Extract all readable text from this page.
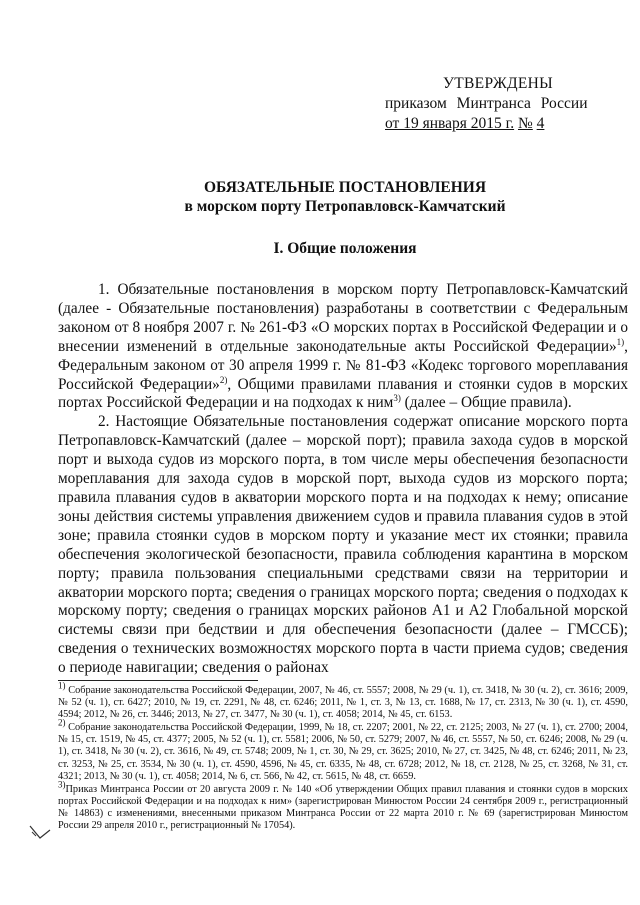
УТВЕРЖДЕНЫ
приказом Минтранса России
от 19 января 2015 г. № 4
ОБЯЗАТЕЛЬНЫЕ ПОСТАНОВЛЕНИЯ
в морском порту Петропавловск-Камчатский
I. Общие положения

1. Обязательные постановления в морском порту Петропавловск-Камчатский (далее - Обязательные постановления) разработаны в соответствии с Федеральным законом от 8 ноября 2007 г. № 261-ФЗ «О морских портах в Российской Федерации и о внесении изменений в отдельные законодательные акты Российской Федерации»$^{1)}$, Федеральным законом от 30 апреля 1999 г. № 81-ФЗ «Кодекс торгового мореплавания Российской Федерации»$^{2)}$, Общими правилами плавания и стоянки судов в морских портах Российской Федерации и на подходах к ним$^{3)}$ (далее – Общие правила).

2. Настоящие Обязательные постановления содержат описание морского порта Петропавловск-Камчатский (далее – морской порт); правила захода судов в морской порт и выхода судов из морского порта, в том числе меры обеспечения безопасности мореплавания для захода судов в морской порт, выхода судов из морского порта; правила плавания судов в акватории морского порта и на подходах к нему; описание зоны действия системы управления движением судов и правила плавания судов в этой зоне; правила стоянки судов в морском порту и указание мест их стоянки; правила обеспечения экологической безопасности, правила соблюдения карантина в морском порту; правила пользования специальными средствами связи на территории и акватории морского порта; сведения о границах морского порта; сведения о подходах к морскому порту; сведения о границах морских районов А1 и А2 Глобальной морской системы связи при бедствии и для обеспечения безопасности (далее – ГМССБ); сведения о технических возможностях морского порта в части приема судов; сведения о периоде навигации; сведения о районах

$^{1)}$ Собрание законодательства Российской Федерации, 2007, № 46, ст. 5557; 2008, № 29 (ч. 1), ст. 3418, № 30 (ч. 2), ст. 3616; 2009, № 52 (ч. 1), ст. 6427; 2010, № 19, ст. 2291, № 48, ст. 6246; 2011, № 1, ст. 3, № 13, ст. 1688, № 17, ст. 2313, № 30 (ч. 1), ст. 4590, 4594; 2012, № 26, ст. 3446; 2013, № 27, ст. 3477, № 30 (ч. 1), ст. 4058; 2014, № 45, ст. 6153.

$^{2)}$ Собрание законодательства Российской Федерации, 1999, № 18, ст. 2207; 2001, № 22, ст. 2125; 2003, № 27 (ч. 1), ст. 2700; 2004, № 15, ст. 1519, № 45, ст. 4377; 2005, № 52 (ч. 1), ст. 5581; 2006, № 50, ст. 5279; 2007, № 46, ст. 5557, № 50, ст. 6246; 2008, № 29 (ч. 1), ст. 3418, № 30 (ч. 2), ст. 3616, № 49, ст. 5748; 2009, № 1, ст. 30, № 29, ст. 3625; 2010, № 27, ст. 3425, № 48, ст. 6246; 2011, № 23, ст. 3253, № 25, ст. 3534, № 30 (ч. 1), ст. 4590, 4596, № 45, ст. 6335, № 48, ст. 6728; 2012, № 18, ст. 2128, № 25, ст. 3268, № 31, ст. 4321; 2013, № 30 (ч. 1), ст. 4058; 2014, № 6, ст. 566, № 42, ст. 5615, № 48, ст. 6659.

$^{3)}$Приказ Минтранса России от 20 августа 2009 г. № 140 «Об утверждении Общих правил плавания и стоянки судов в морских портах Российской Федерации и на подходах к ним» (зарегистрирован Минюстом России 24 сентября 2009 г., регистрационный № 14863) с изменениями, внесенными приказом Минтранса России от 22 марта 2010 г. № 69 (зарегистрирован Минюстом России 29 апреля 2010 г., регистрационный № 17054).
